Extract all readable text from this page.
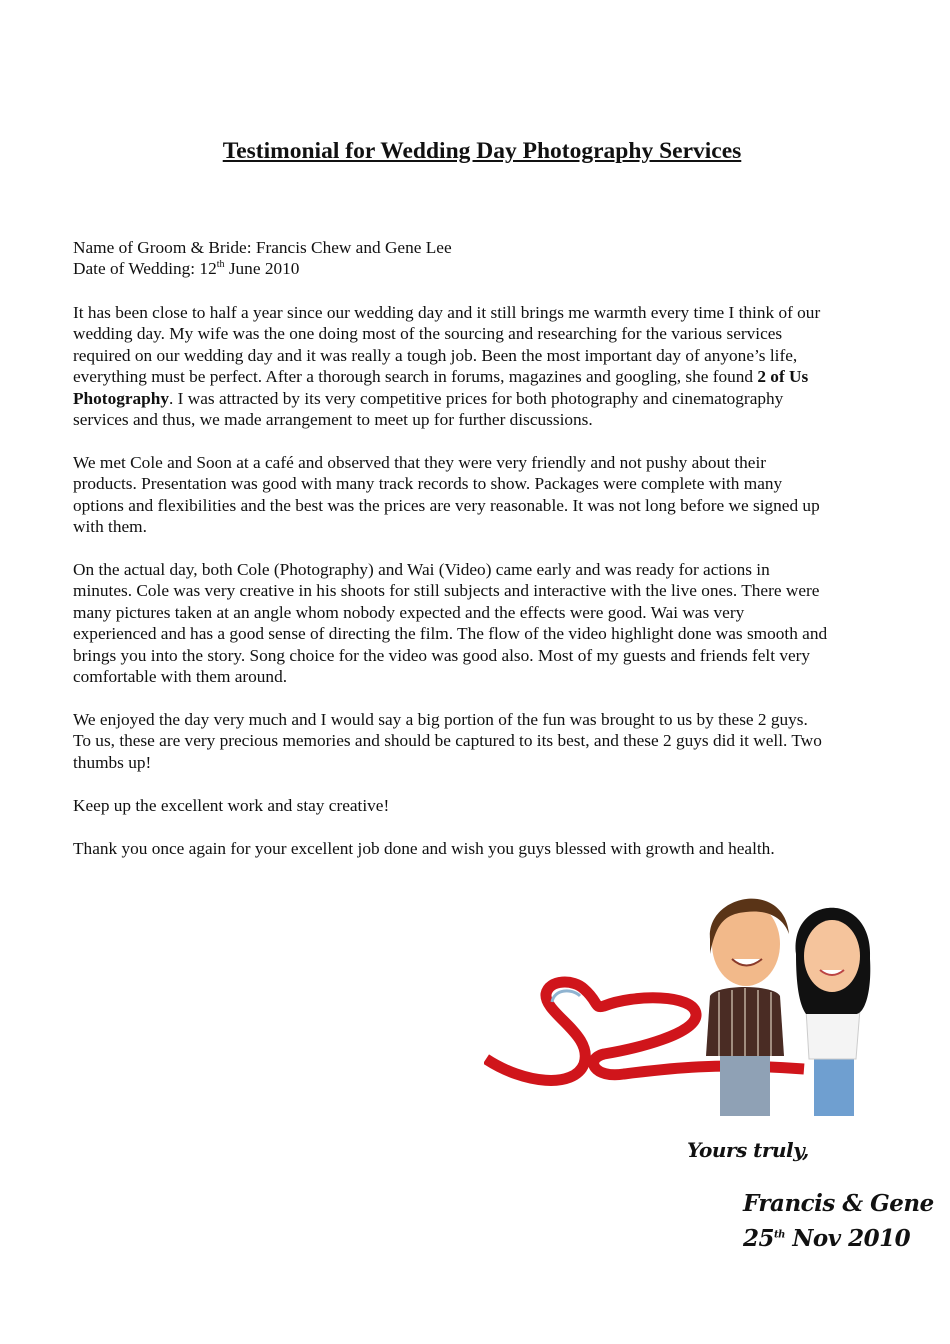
Testimonial for Wedding Day Photography Services
Name of Groom & Bride: Francis Chew and Gene Lee
Date of Wedding: 12th June 2010
It has been close to half a year since our wedding day and it still brings me warmth every time I think of our
wedding day. My wife was the one doing most of the sourcing and researching for the various services
required on our wedding day and it was really a tough job. Been the most important day of anyone’s life,
everything must be perfect. After a thorough search in forums, magazines and googling, she found 2 of Us
Photography. I was attracted by its very competitive prices for both photography and cinematography
services and thus, we made arrangement to meet up for further discussions.
We met Cole and Soon at a café and observed that they were very friendly and not pushy about their
products. Presentation was good with many track records to show. Packages were complete with many
options and flexibilities and the best was the prices are very reasonable. It was not long before we signed up
with them.
On the actual day, both Cole (Photography) and Wai (Video) came early and was ready for actions in
minutes. Cole was very creative in his shoots for still subjects and interactive with the live ones. There were
many pictures taken at an angle whom nobody expected and the effects were good. Wai was very
experienced and has a good sense of directing the film. The flow of the video highlight done was smooth and
brings you into the story. Song choice for the video was good also. Most of my guests and friends felt very
comfortable with them around.
We enjoyed the day very much and I would say a big portion of the fun was brought to us by these 2 guys.
To us, these are very precious memories and should be captured to its best, and these 2 guys did it well. Two
thumbs up!
Keep up the excellent work and stay creative!
Thank you once again for your excellent job done and wish you guys blessed with growth and health.
Yours truly,
Francis & Gene
25th Nov 2010
